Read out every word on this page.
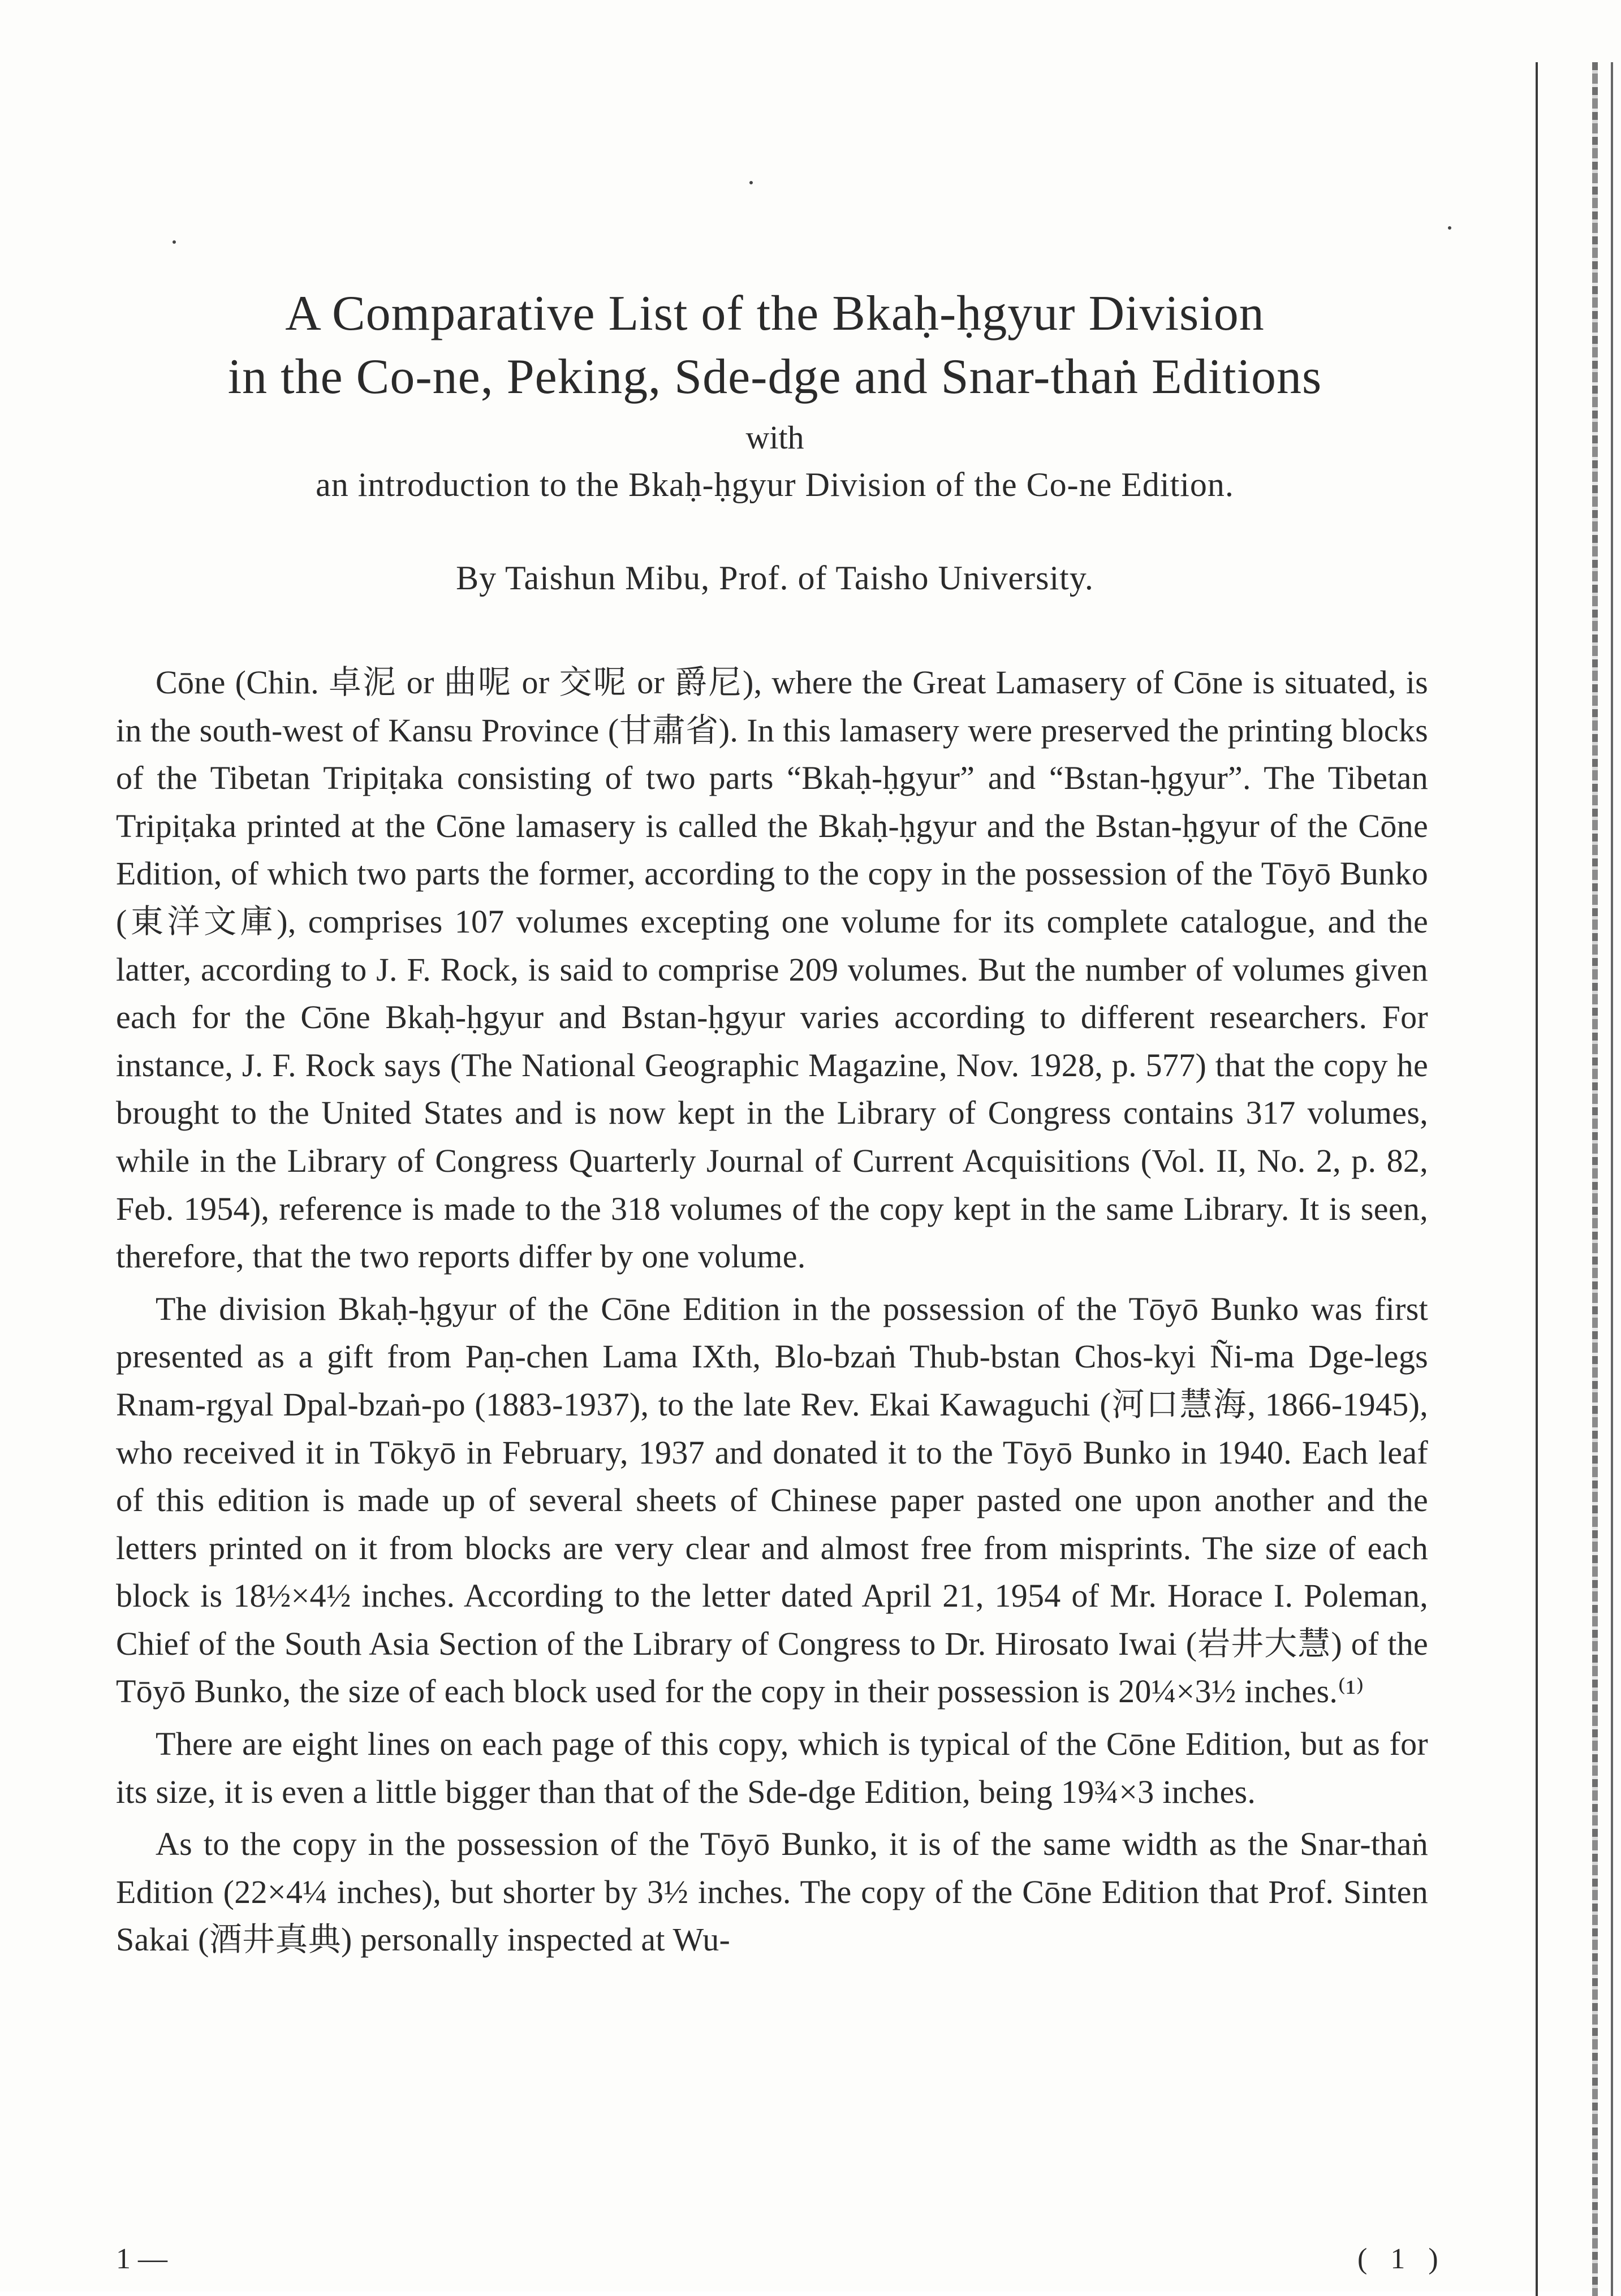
A Comparative List of the Bkaḥ-ḥgyur Division
in the Co-ne, Peking, Sde-dge and Snar-thaṅ Editions
with
an introduction to the Bkaḥ-ḥgyur Division of the Co-ne Edition.
By Taishun Mibu, Prof. of Taisho University.

Cōne (Chin. 卓泥 or 曲呢 or 交呢 or 爵尼), where the Great Lamasery of Cōne is situated, is in the south-west of Kansu Province (甘肅省). In this lamasery were preserved the printing blocks of the Tibetan Tripiṭaka consisting of two parts “Bkaḥ-ḥgyur” and “Bstan-ḥgyur”. The Tibetan Tripiṭaka printed at the Cōne lamasery is called the Bkaḥ-ḥgyur and the Bstan-ḥgyur of the Cōne Edition, of which two parts the former, according to the copy in the possession of the Tōyō Bunko (東洋文庫), comprises 107 volumes excepting one volume for its complete catalogue, and the latter, according to J. F. Rock, is said to comprise 209 volumes. But the number of volumes given each for the Cōne Bkaḥ-ḥgyur and Bstan-ḥgyur varies according to different researchers. For instance, J. F. Rock says (The National Geographic Magazine, Nov. 1928, p. 577) that the copy he brought to the United States and is now kept in the Library of Congress contains 317 volumes, while in the Library of Congress Quarterly Journal of Current Acquisitions (Vol. II, No. 2, p. 82, Feb. 1954), reference is made to the 318 volumes of the copy kept in the same Library. It is seen, therefore, that the two reports differ by one volume.

The division Bkaḥ-ḥgyur of the Cōne Edition in the possession of the Tōyō Bunko was first presented as a gift from Paṇ-chen Lama IXth, Blo-bzaṅ Thub-bstan Chos-kyi Ñi-ma Dge-legs Rnam-rgyal Dpal-bzaṅ-po (1883-1937), to the late Rev. Ekai Kawaguchi (河口慧海, 1866-1945), who received it in Tōkyō in February, 1937 and donated it to the Tōyō Bunko in 1940. Each leaf of this edition is made up of several sheets of Chinese paper pasted one upon another and the letters printed on it from blocks are very clear and almost free from misprints. The size of each block is 18½×4½ inches. According to the letter dated April 21, 1954 of Mr. Horace I. Poleman, Chief of the South Asia Section of the Library of Congress to Dr. Hirosato Iwai (岩井大慧) of the Tōyō Bunko, the size of each block used for the copy in their possession is 20¼×3½ inches.⁽¹⁾

There are eight lines on each page of this copy, which is typical of the Cōne Edition, but as for its size, it is even a little bigger than that of the Sde-dge Edition, being 19¾×3 inches.

As to the copy in the possession of the Tōyō Bunko, it is of the same width as the Snar-thaṅ Edition (22×4¼ inches), but shorter by 3½ inches. The copy of the Cōne Edition that Prof. Sinten Sakai (酒井真典) personally inspected at Wu-

1 —	( 1 )
